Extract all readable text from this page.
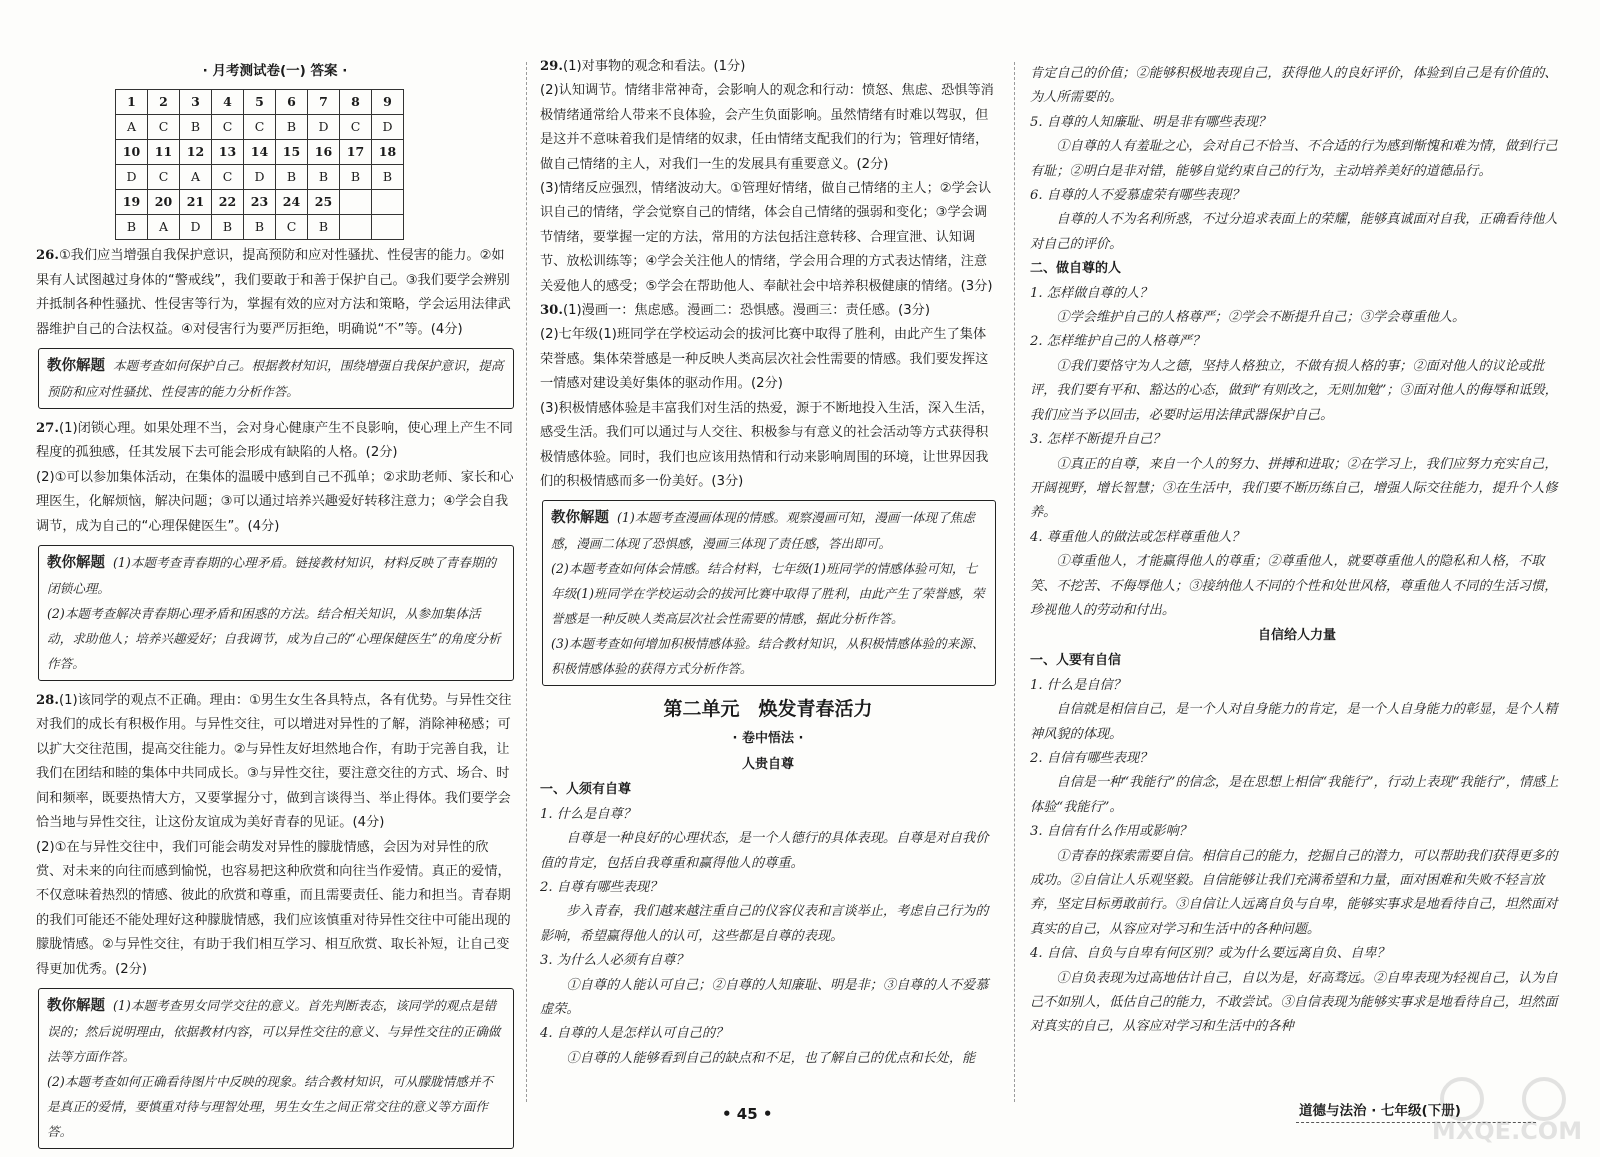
· 月考测试卷(一) 答案 ·
1	2	3	4	5	6	7	8	9
A	C	B	C	C	B	D	C	D
10	11	12	13	14	15	16	17	18
D	C	A	C	D	B	B	B	B
19	20	21	22	23	24	25		
B	A	D	B	B	C	B		

26.①我们应当增强自我保护意识，提高预防和应对性骚扰、性侵害的能力。②如果有人试图越过身体的“警戒线”，我们要敢于和善于保护自己。③我们要学会辨别并抵制各种性骚扰、性侵害等行为，掌握有效的应对方法和策略，学会运用法律武器维护自己的合法权益。④对侵害行为要严厉拒绝，明确说“不”等。(4分)

教你解题 本题考查如何保护自己。根据教材知识，围绕增强自我保护意识，提高预防和应对性骚扰、性侵害的能力分析作答。

27.(1)闭锁心理。如果处理不当，会对身心健康产生不良影响，使心理上产生不同程度的孤独感，任其发展下去可能会形成有缺陷的人格。(2分)

(2)①可以参加集体活动，在集体的温暖中感到自己不孤单；②求助老师、家长和心理医生，化解烦恼，解决问题；③可以通过培养兴趣爱好转移注意力；④学会自我调节，成为自己的“心理保健医生”。(4分)

教你解题 (1)本题考查青春期的心理矛盾。链接教材知识，材料反映了青春期的闭锁心理。
(2)本题考查解决青春期心理矛盾和困惑的方法。结合相关知识，从参加集体活动，求助他人；培养兴趣爱好；自我调节，成为自己的“心理保健医生”的角度分析作答。

28.(1)该同学的观点不正确。理由：①男生女生各具特点，各有优势。与异性交往对我们的成长有积极作用。与异性交往，可以增进对异性的了解，消除神秘感；可以扩大交往范围，提高交往能力。②与异性友好坦然地合作，有助于完善自我，让我们在团结和睦的集体中共同成长。③与异性交往，要注意交往的方式、场合、时间和频率，既要热情大方，又要掌握分寸，做到言谈得当、举止得体。我们要学会恰当地与异性交往，让这份友谊成为美好青春的见证。(4分)

(2)①在与异性交往中，我们可能会萌发对异性的朦胧情感，会因为对异性的欣赏、对未来的向往而感到愉悦，也容易把这种欣赏和向往当作爱情。真正的爱情，不仅意味着热烈的情感、彼此的欣赏和尊重，而且需要责任、能力和担当。青春期的我们可能还不能处理好这种朦胧情感，我们应该慎重对待异性交往中可能出现的朦胧情感。②与异性交往，有助于我们相互学习、相互欣赏、取长补短，让自己变得更加优秀。(2分)

教你解题 (1)本题考查男女同学交往的意义。首先判断表态，该同学的观点是错误的；然后说明理由，依据教材内容，可以异性交往的意义、与异性交往的正确做法等方面作答。
(2)本题考查如何正确看待图片中反映的现象。结合教材知识，可从朦胧情感并不是真正的爱情，要慎重对待与理智处理，男生女生之间正常交往的意义等方面作答。

29.(1)对事物的观念和看法。(1分)

(2)认知调节。情绪非常神奇，会影响人的观念和行动：愤怒、焦虑、恐惧等消极情绪通常给人带来不良体验，会产生负面影响。虽然情绪有时难以驾驭，但是这并不意味着我们是情绪的奴隶，任由情绪支配我们的行为；管理好情绪，做自己情绪的主人，对我们一生的发展具有重要意义。(2分)

(3)情绪反应强烈，情绪波动大。①管理好情绪，做自己情绪的主人；②学会认识自己的情绪，学会觉察自己的情绪，体会自己情绪的强弱和变化；③学会调节情绪，要掌握一定的方法，常用的方法包括注意转移、合理宣泄、认知调节、放松训练等；④学会关注他人的情绪，学会用合理的方式表达情绪，注意关爱他人的感受；⑤学会在帮助他人、奉献社会中培养积极健康的情绪。(3分)

30.(1)漫画一：焦虑感。漫画二：恐惧感。漫画三：责任感。(3分)

(2)七年级(1)班同学在学校运动会的拔河比赛中取得了胜利，由此产生了集体荣誉感。集体荣誉感是一种反映人类高层次社会性需要的情感。我们要发挥这一情感对建设美好集体的驱动作用。(2分)

(3)积极情感体验是丰富我们对生活的热爱，源于不断地投入生活，深入生活，感受生活。我们可以通过与人交往、积极参与有意义的社会活动等方式获得积极情感体验。同时，我们也应该用热情和行动来影响周围的环境，让世界因我们的积极情感而多一份美好。(3分)

教你解题 (1)本题考查漫画体现的情感。观察漫画可知，漫画一体现了焦虑感，漫画二体现了恐惧感，漫画三体现了责任感，答出即可。
(2)本题考查如何体会情感。结合材料，七年级(1)班同学的情感体验可知，七年级(1)班同学在学校运动会的拔河比赛中取得了胜利，由此产生了荣誉感，荣誉感是一种反映人类高层次社会性需要的情感，据此分析作答。
(3)本题考查如何增加积极情感体验。结合教材知识，从积极情感体验的来源、积极情感体验的获得方式分析作答。
第二单元　焕发青春活力
· 卷中悟法 ·
人贵自尊

一、人须有自尊

1. 什么是自尊？

自尊是一种良好的心理状态，是一个人德行的具体表现。自尊是对自我价值的肯定，包括自我尊重和赢得他人的尊重。

2. 自尊有哪些表现？

步入青春，我们越来越注重自己的仪容仪表和言谈举止，考虑自己行为的影响，希望赢得他人的认可，这些都是自尊的表现。

3. 为什么人必须有自尊？

①自尊的人能认可自己；②自尊的人知廉耻、明是非；③自尊的人不爱慕虚荣。

4. 自尊的人是怎样认可自己的？

①自尊的人能够看到自己的缺点和不足，也了解自己的优点和长处，能

肯定自己的价值；②能够积极地表现自己，获得他人的良好评价，体验到自己是有价值的、为人所需要的。

5. 自尊的人知廉耻、明是非有哪些表现？

①自尊的人有羞耻之心，会对自己不恰当、不合适的行为感到惭愧和难为情，做到行己有耻；②明白是非对错，能够自觉约束自己的行为，主动培养美好的道德品行。

6. 自尊的人不爱慕虚荣有哪些表现？

自尊的人不为名利所惑，不过分追求表面上的荣耀，能够真诚面对自我，正确看待他人对自己的评价。

二、做自尊的人

1. 怎样做自尊的人？

①学会维护自己的人格尊严；②学会不断提升自己；③学会尊重他人。

2. 怎样维护自己的人格尊严？

①我们要恪守为人之德，坚持人格独立，不做有损人格的事；②面对他人的议论或批评，我们要有平和、豁达的心态，做到“有则改之，无则加勉”；③面对他人的侮辱和诋毁，我们应当予以回击，必要时运用法律武器保护自己。

3. 怎样不断提升自己？

①真正的自尊，来自一个人的努力、拼搏和进取；②在学习上，我们应努力充实自己，开阔视野，增长智慧；③在生活中，我们要不断历练自己，增强人际交往能力，提升个人修养。

4. 尊重他人的做法或怎样尊重他人？

①尊重他人，才能赢得他人的尊重；②尊重他人，就要尊重他人的隐私和人格，不取笑、不挖苦、不侮辱他人；③接纳他人不同的个性和处世风格，尊重他人不同的生活习惯，珍视他人的劳动和付出。

自信给人力量

一、人要有自信

1. 什么是自信？

自信就是相信自己，是一个人对自身能力的肯定，是一个人自身能力的彰显，是个人精神风貌的体现。

2. 自信有哪些表现？

自信是一种“我能行”的信念，是在思想上相信“我能行”，行动上表现“我能行”，情感上体验“我能行”。

3. 自信有什么作用或影响？

①青春的探索需要自信。相信自己的能力，挖掘自己的潜力，可以帮助我们获得更多的成功。②自信让人乐观坚毅。自信能够让我们充满希望和力量，面对困难和失败不轻言放弃，坚定目标勇敢前行。③自信让人远离自负与自卑，能够实事求是地看待自己，坦然面对真实的自己，从容应对学习和生活中的各种问题。

4. 自信、自负与自卑有何区别？或为什么要远离自负、自卑？

①自负表现为过高地估计自己，自以为是，好高骛远。②自卑表现为轻视自己，认为自己不如别人，低估自己的能力，不敢尝试。③自信表现为能够实事求是地看待自己，坦然面对真实的自己，从容应对学习和生活中的各种

• 45 •	道德与法治 · 七年级(下册)
MXQE.COM
